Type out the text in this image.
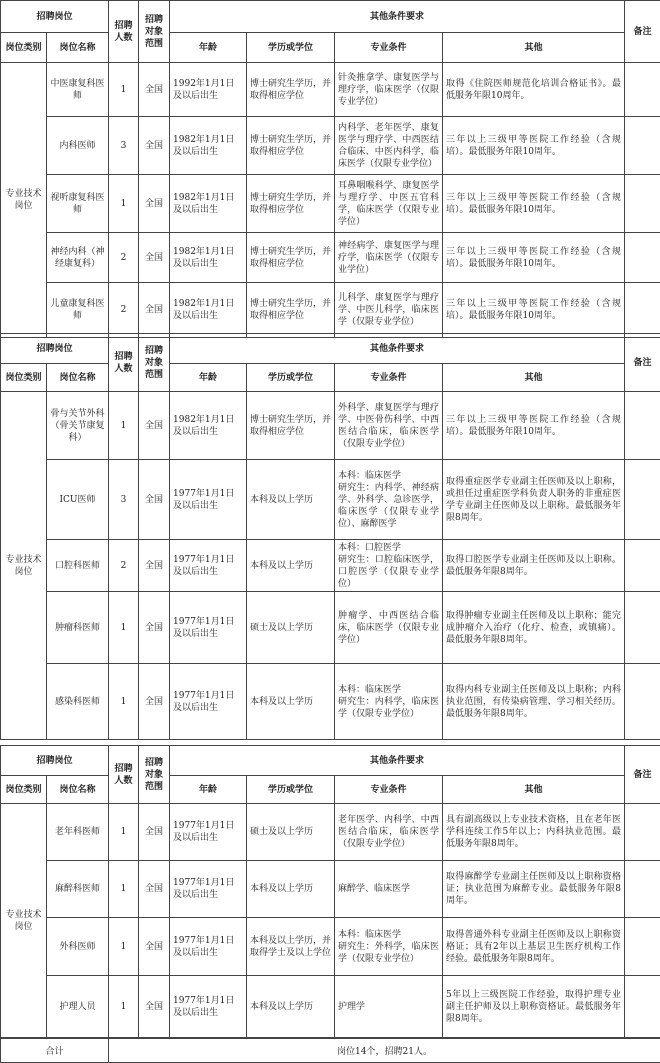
招聘岗位		招聘人数	招聘对象范围	其他条件要求				备注
岗位类别	岗位名称			年龄	学历或学位	专业条件	其他	
专业技术岗位	中医康复科医师	1	全国	1992年1月1日及以后出生	博士研究生学历，并取得相应学位	针灸推拿学、康复医学与理疗学，临床医学（仅限专业学位）	取得《住院医师规范化培训合格证书》。最低服务年限10周年。	
	内科医师	3	全国	1982年1月1日及以后出生	博士研究生学历，并取得相应学位	内科学、老年医学、康复医学与理疗学、中西医结合临床、中医内科学，临床医学（仅限专业学位）	三年以上三级甲等医院工作经验（含规培）。最低服务年限10周年。	
	视听康复科医师	1	全国	1982年1月1日及以后出生	博士研究生学历，并取得相应学位	耳鼻咽喉科学、康复医学与理疗学、中医五官科学，临床医学（仅限专业学位）	三年以上三级甲等医院工作经验（含规培）。最低服务年限10周年。	
	神经内科（神经康复科）	2	全国	1982年1月1日及以后出生	博士研究生学历，并取得相应学位	神经病学、康复医学与理疗学，临床医学（仅限专业学位）	三年以上三级甲等医院工作经验（含规培）。最低服务年限10周年。	
	儿童康复科医师	2	全国	1982年1月1日及以后出生	博士研究生学历，并取得相应学位	儿科学、康复医学与理疗学、中医儿科学，临床医学（仅限专业学位）	三年以上三级甲等医院工作经验（含规培）。最低服务年限10周年。	
招聘岗位		招聘人数	招聘对象范围	其他条件要求				备注
岗位类别	岗位名称			年龄	学历或学位	专业条件	其他	
专业技术岗位	骨与关节外科（骨关节康复科）	1	全国	1982年1月1日及以后出生	博士研究生学历，并取得相应学位	外科学、康复医学与理疗学、中医骨伤科学、中西医结合临床，临床医学（仅限专业学位）	三年以上三级甲等医院工作经验（含规培）。最低服务年限10周年。	
	ICU医师	3	全国	1977年1月1日及以后出生	本科及以上学历	本科：临床医学
研究生：内科学、神经病学、外科学、急诊医学，临床医学（仅限专业学位）、麻醉医学	取得重症医学专业副主任医师及以上职称，或担任过重症医学科负责人职务的非重症医学专业副主任医师及以上职称。最低服务年限8周年。	
	口腔科医师	2	全国	1977年1月1日及以后出生	本科及以上学历	本科：口腔医学
研究生：口腔临床医学，口腔医学（仅限专业学位）	取得口腔医学专业副主任医师及以上职称。最低服务年限8周年。	
	肿瘤科医师	1	全国	1977年1月1日及以后出生	硕士及以上学历	肿瘤学、中西医结合临床，临床医学（仅限专业学位）	取得肿瘤专业副主任医师及以上职称；能完成肿瘤介入治疗（化疗、检查，或镇痛）。最低服务年限8周年。	
	感染科医师	1	全国	1977年1月1日及以后出生	本科及以上学历	本科：临床医学
研究生：内科学，临床医学（仅限专业学位）	取得内科专业副主任医师及以上职称；内科执业范围，有传染病管理、学习相关经历。最低服务年限8周年。	
招聘岗位		招聘人数	招聘对象范围	其他条件要求				备注
岗位类别	岗位名称			年龄	学历或学位	专业条件	其他	
专业技术岗位	老年科医师	1	全国	1977年1月1日及以后出生	硕士及以上学历	老年医学、内科学、中西医结合临床，临床医学（仅限专业学位）	具有副高级以上专业技术资格，且在老年医学科连续工作5年以上；内科执业范围。最低服务年限8周年。	
	麻醉科医师	1	全国	1977年1月1日及以后出生	本科及以上学历	麻醉学、临床医学	取得麻醉学专业副主任医师及以上职称资格证；执业范围为麻醉专业。最低服务年限8周年。	
	外科医师	1	全国	1977年1月1日及以后出生	本科及以上学历，并取得学士及以上学位	本科：临床医学
研究生：外科学，临床医学（仅限专业学位）	取得普通外科专业副主任医师及以上职称资格证；具有2年以上基层卫生医疗机构工作经验。最低服务年限8周年。	
	护理人员	1	全国	1977年1月1日及以后出生	本科及以上学历	护理学	5年以上三级医院工作经验，取得护理专业副主任护师及以上职称资格证。最低服务年限8周年。	
合计	岗位14个，招聘21人。
